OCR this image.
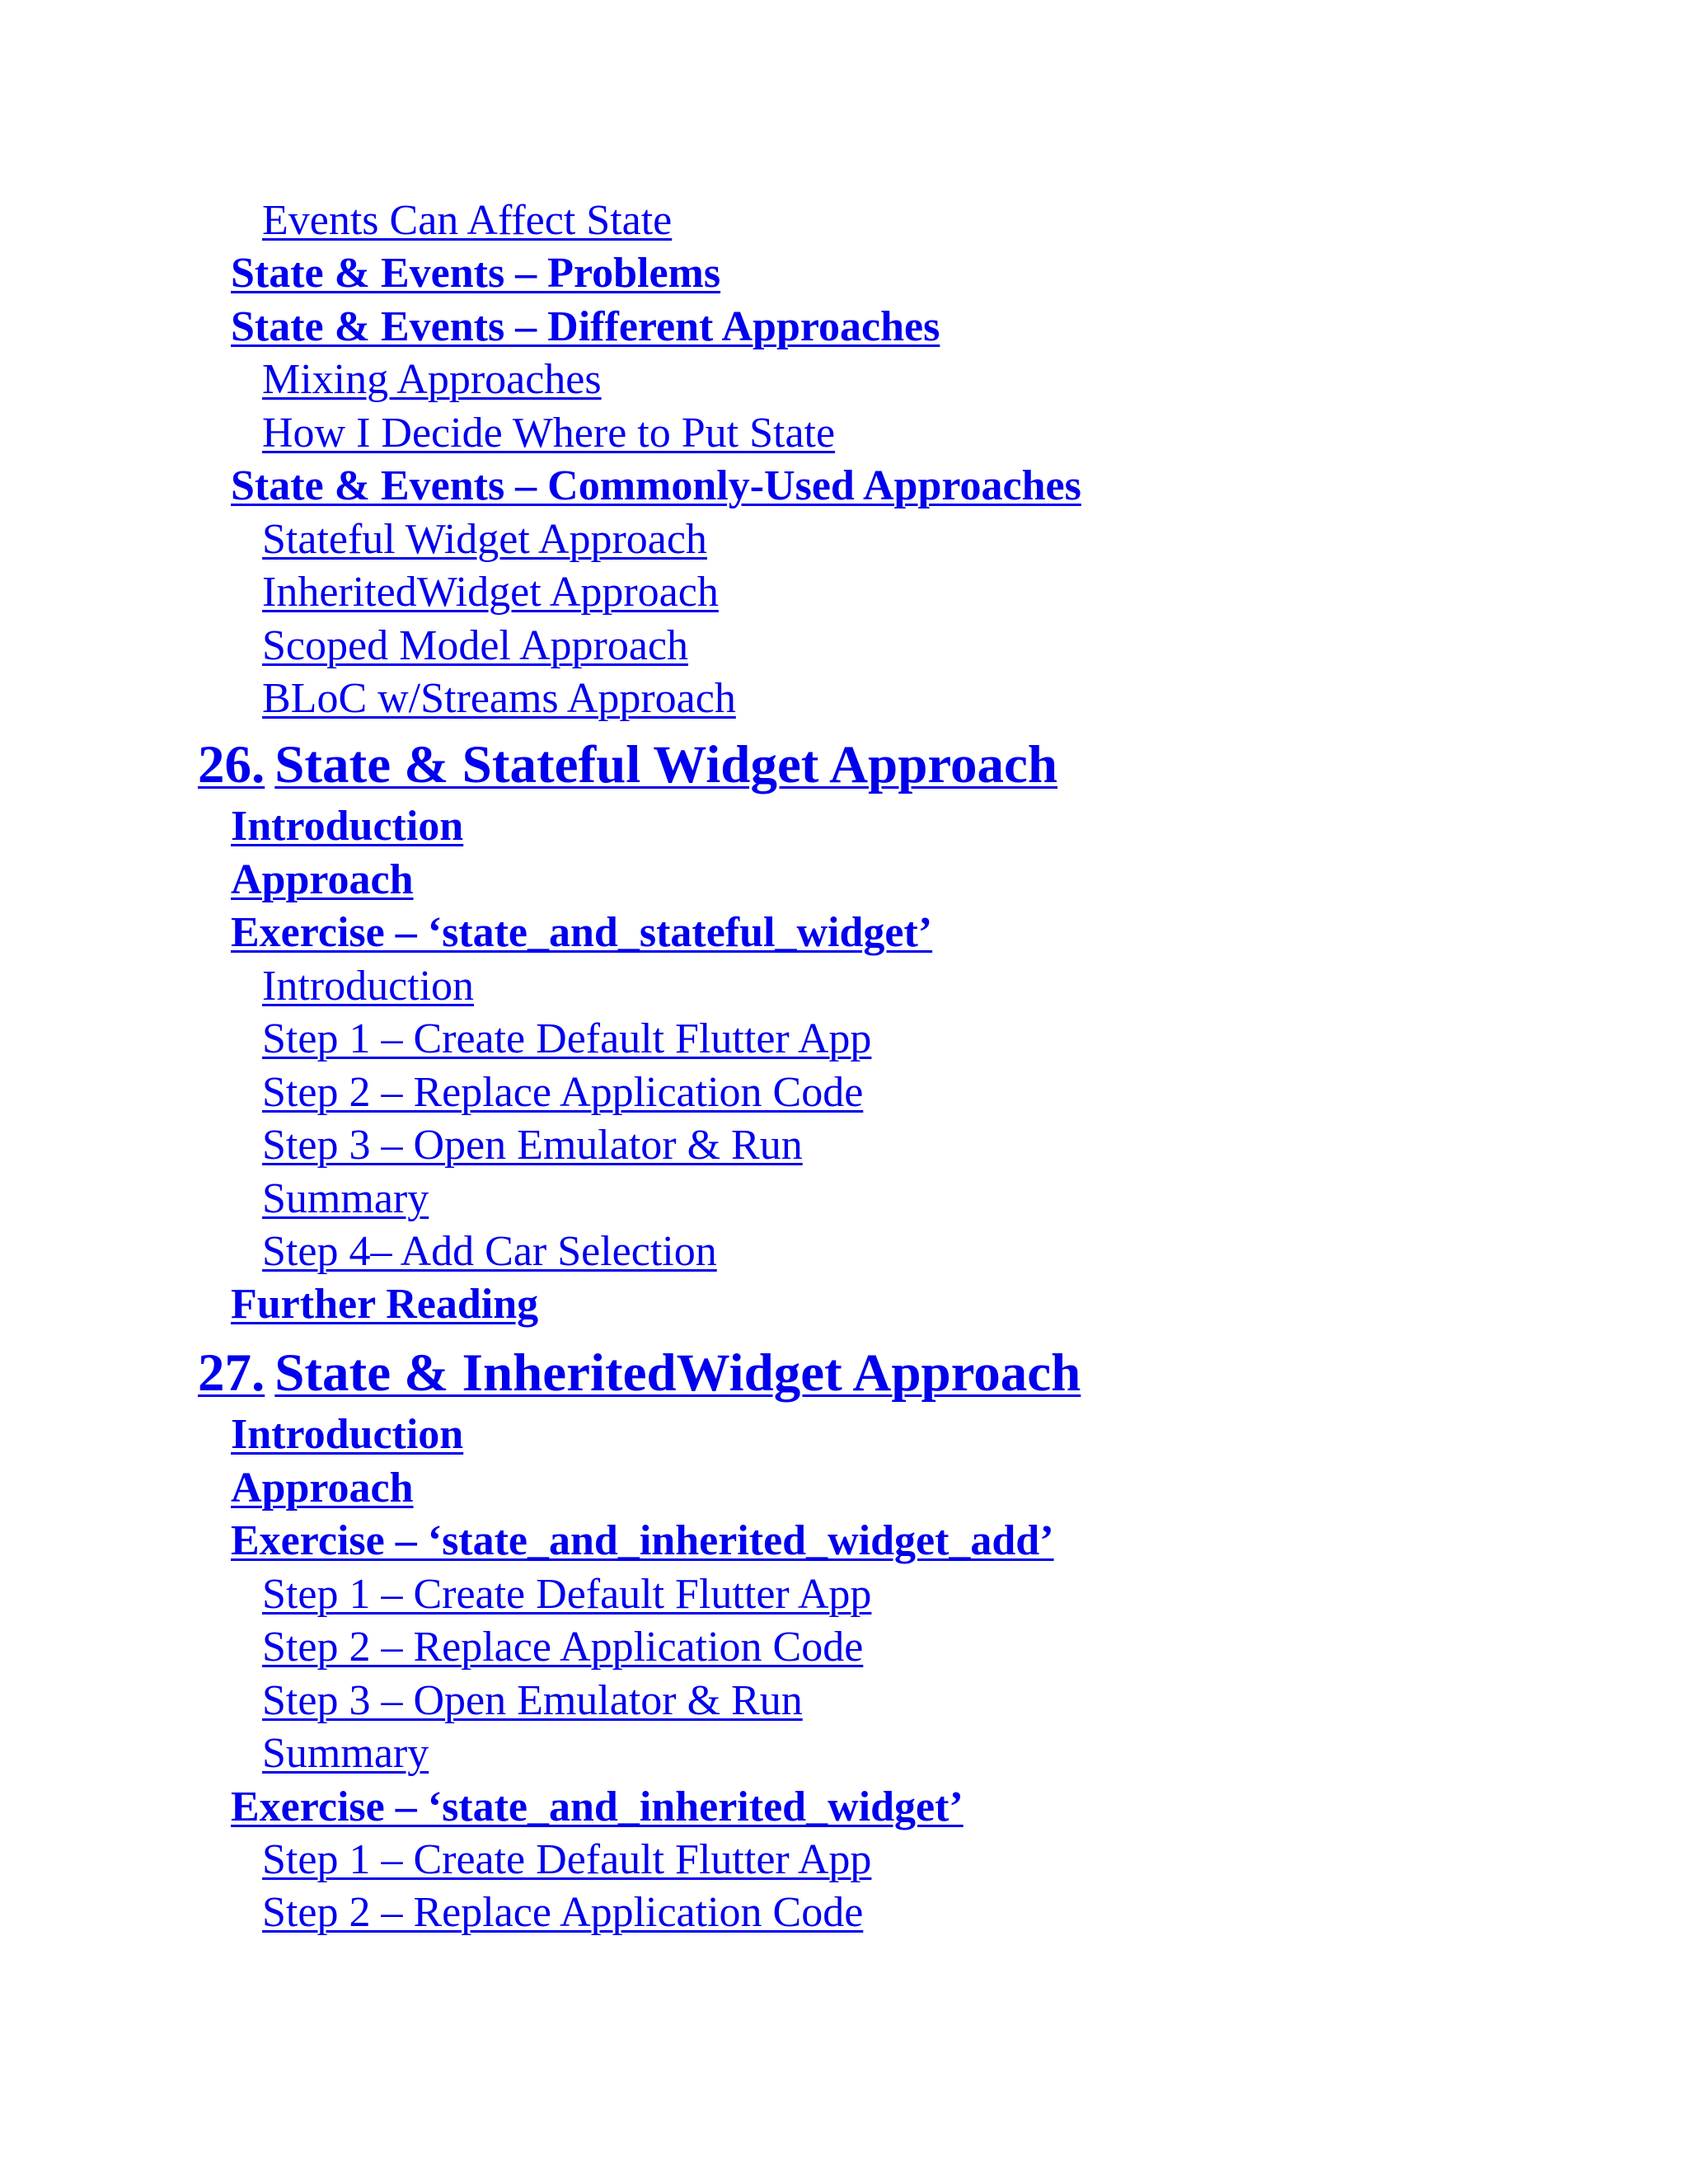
Events Can Affect State
State & Events – Problems
State & Events – Different Approaches
Mixing Approaches
How I Decide Where to Put State
State & Events – Commonly-Used Approaches
Stateful Widget Approach
InheritedWidget Approach
Scoped Model Approach
BLoC w/Streams Approach
26. State & Stateful Widget Approach
Introduction
Approach
Exercise – ‘state_and_stateful_widget’
Introduction
Step 1 – Create Default Flutter App
Step 2 – Replace Application Code
Step 3 – Open Emulator & Run
Summary
Step 4– Add Car Selection
Further Reading
27. State & InheritedWidget Approach
Introduction
Approach
Exercise – ‘state_and_inherited_widget_add’
Step 1 – Create Default Flutter App
Step 2 – Replace Application Code
Step 3 – Open Emulator & Run
Summary
Exercise – ‘state_and_inherited_widget’
Step 1 – Create Default Flutter App
Step 2 – Replace Application Code
